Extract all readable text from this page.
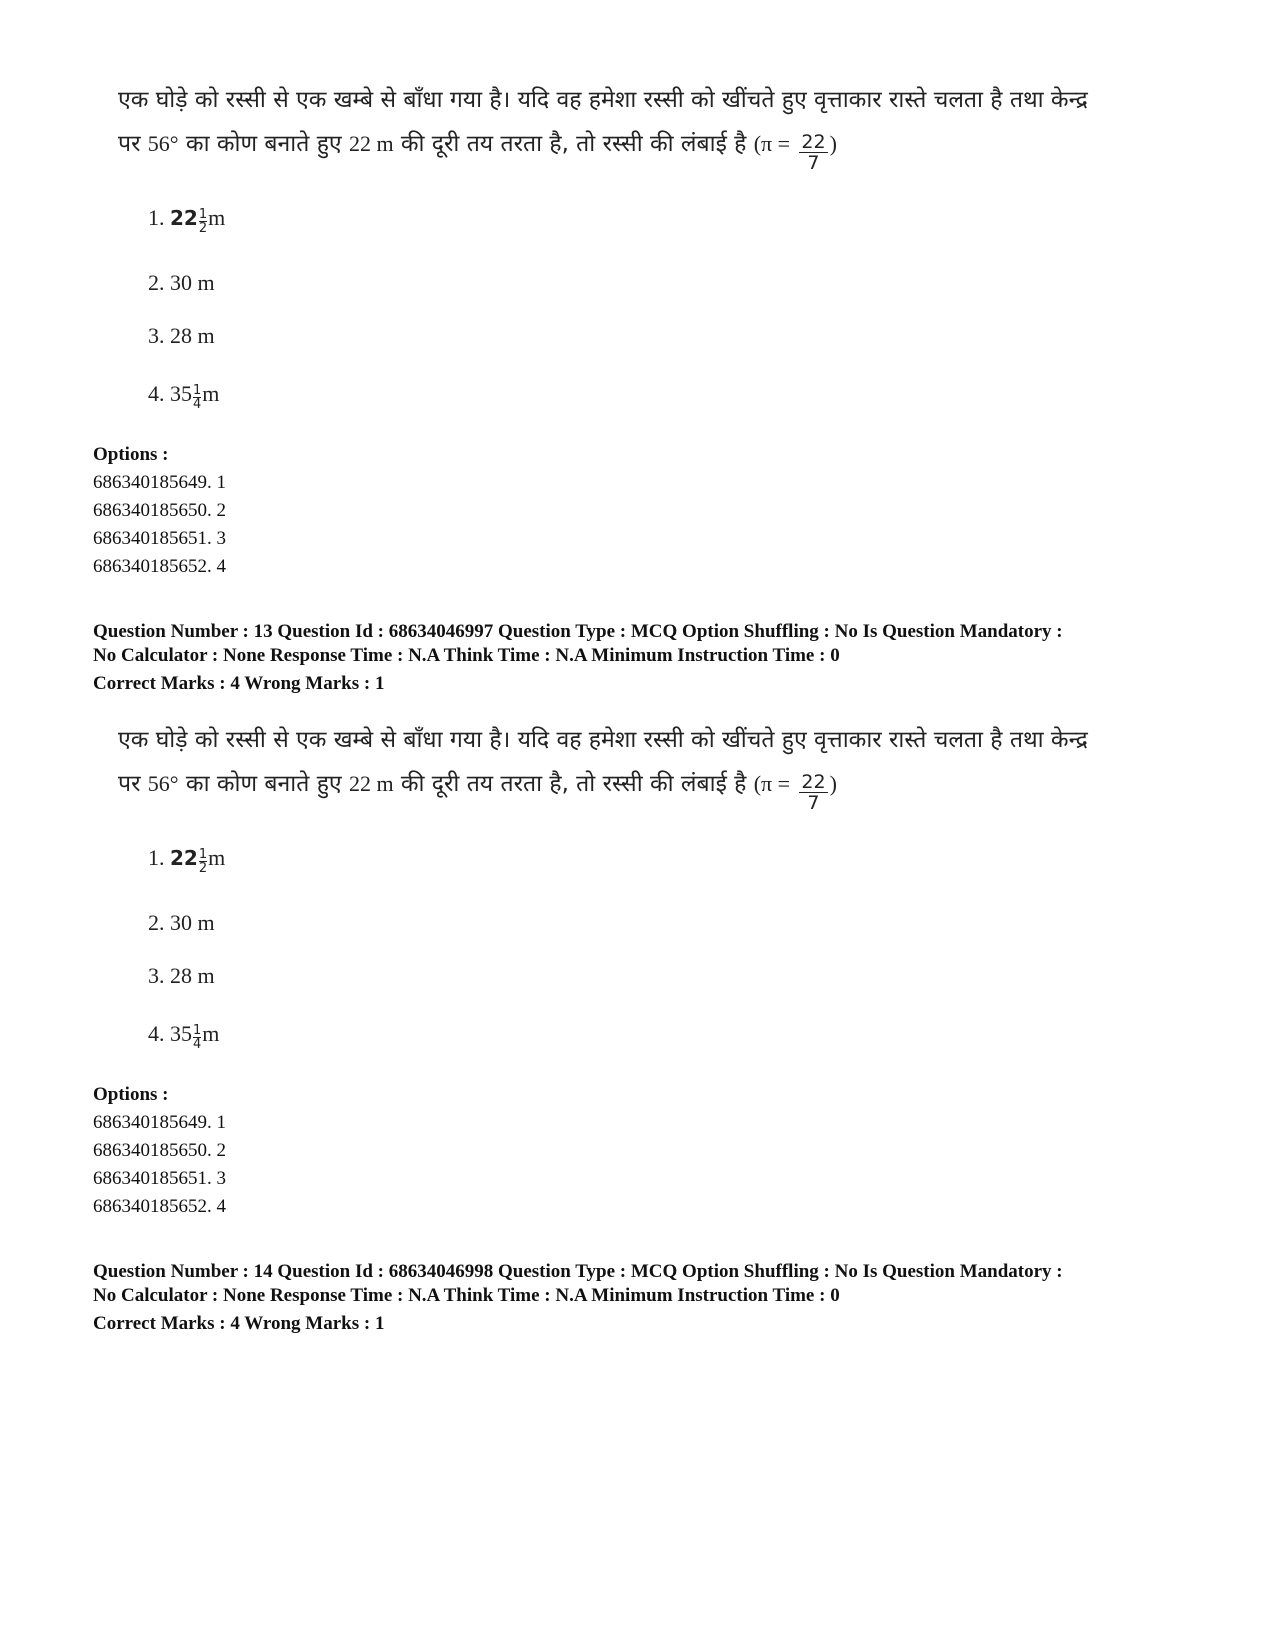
एक घोड़े को रस्सी से एक खम्बे से बाँधा गया है। यदि वह हमेशा रस्सी को खींचते हुए वृत्ताकार रास्ते चलता है तथा केन्द्र
पर 56° का कोण बनाते हुए 22 m की दूरी तय तरता है, तो रस्सी की लंबाई है ($\pi = \frac{22}{7}$ )
1. $22 \frac{1}{2}$ m
2. 30 m
3. 28 m
4. $35 \frac{1}{4}$ m
Options :
686340185649. 1
686340185650. 2
686340185651. 3
686340185652. 4
Question Number : 13 Question Id : 68634046997 Question Type : MCQ Option Shuffling : No Is Question Mandatory :
No Calculator : None Response Time : N.A Think Time : N.A Minimum Instruction Time : 0
Correct Marks : 4 Wrong Marks : 1
एक घोड़े को रस्सी से एक खम्बे से बाँधा गया है। यदि वह हमेशा रस्सी को खींचते हुए वृत्ताकार रास्ते चलता है तथा केन्द्र
पर 56° का कोण बनाते हुए 22 m की दूरी तय तरता है, तो रस्सी की लंबाई है ($\pi = \frac{22}{7}$ )
1. $22 \frac{1}{2}$ m
2. 30 m
3. 28 m
4. $35 \frac{1}{4}$ m
Options :
686340185649. 1
686340185650. 2
686340185651. 3
686340185652. 4
Question Number : 14 Question Id : 68634046998 Question Type : MCQ Option Shuffling : No Is Question Mandatory :
No Calculator : None Response Time : N.A Think Time : N.A Minimum Instruction Time : 0
Correct Marks : 4 Wrong Marks : 1
